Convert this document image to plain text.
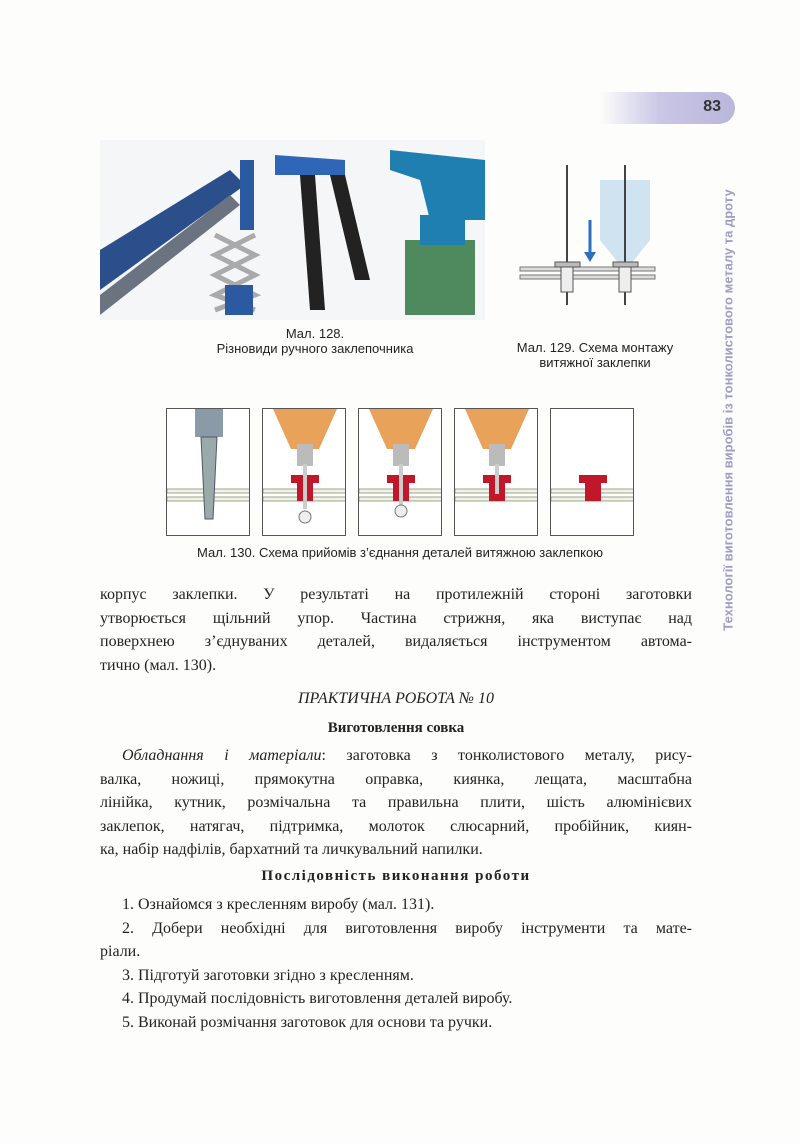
83
Технології виготовлення виробів із тонколистового металу та дроту
Мал. 128.
Різновиди ручного заклепочника	Мал. 129. Схема монтажу
витяжної заклепки
Мал. 130. Схема прийомів з’єднання деталей витяжною заклепкою
корпус заклепки. У результаті на протилежній стороні заготовки
утворюється щільний упор. Частина стрижня, яка виступає над
поверхнею з’єднуваних деталей, видаляється інструментом автома-
тично (мал. 130).
ПРАКТИЧНА РОБОТА № 10
Виготовлення совка
Обладнання і матеріали: заготовка з тонколистового металу, рису-
валка, ножиці, прямокутна оправка, киянка, лещата, масштабна
лінійка, кутник, розмічальна та правильна плити, шість алюмінієвих
заклепок, натягач, підтримка, молоток слюсарний, пробійник, киян-
ка, набір надфілів, бархатний та личкувальний напилки.
Послідовність виконання роботи
1. Ознайомся з кресленням виробу (мал. 131).
2. Добери необхідні для виготовлення виробу інструменти та мате-
ріали.
3. Підготуй заготовки згідно з кресленням.
4. Продумай послідовність виготовлення деталей виробу.
5. Виконай розмічання заготовок для основи та ручки.
